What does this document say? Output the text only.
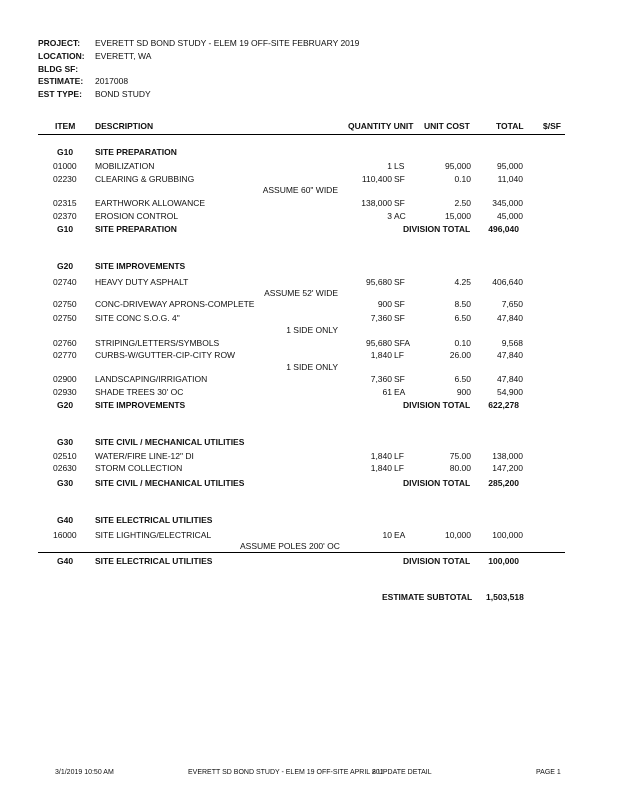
PROJECT: EVERETT SD BOND STUDY - ELEM 19 OFF-SITE FEBRUARY 2019
LOCATION: EVERETT, WA
BLDG SF:
ESTIMATE: 2017008
EST TYPE: BOND STUDY
ITEM DESCRIPTION	QUANTITY UNIT UNIT COST	TOTAL $/SF
G10	SITE PREPARATION
01000 MOBILIZATION	1 LS	95,000	95,000
02230 CLEARING & GRUBBING	110,400 SF	0.10	11,040
ASSUME 60" WIDE
02315 EARTHWORK ALLOWANCE	138,000 SF	2.50	345,000
02370 EROSION CONTROL	3 AC	15,000	45,000
G10	SITE PREPARATION	DIVISION TOTAL	496,040
G20	SITE IMPROVEMENTS
02740 HEAVY DUTY ASPHALT	95,680 SF	4.25	406,640
ASSUME 52' WIDE
02750 CONC-DRIVEWAY APRONS-COMPLETE	900 SF	8.50	7,650
02750 SITE CONC S.O.G. 4"	7,360 SF	6.50	47,840
1 SIDE ONLY
02760 STRIPING/LETTERS/SYMBOLS	95,680 SFA	0.10	9,568
02770 CURBS-W/GUTTER-CIP-CITY ROW	1,840 LF	26.00	47,840
1 SIDE ONLY
02900 LANDSCAPING/IRRIGATION	7,360 SF	6.50	47,840
02930 SHADE TREES 30' OC	61 EA	900	54,900
G20	SITE IMPROVEMENTS	DIVISION TOTAL	622,278
G30	SITE CIVIL / MECHANICAL UTILITIES
02510 WATER/FIRE LINE-12" DI	1,840 LF	75.00	138,000
02630 STORM COLLECTION	1,840 LF	80.00	147,200
G30	SITE CIVIL / MECHANICAL UTILITIES	DIVISION TOTAL	285,200
G40	SITE ELECTRICAL UTILITIES
16000 SITE LIGHTING/ELECTRICAL	10 EA	10,000	100,000
ASSUME POLES 200' OC
G40	SITE ELECTRICAL UTILITIES	DIVISION TOTAL	100,000
ESTIMATE SUBTOTAL 1,503,518
3/1/2019 10:50 AM	EVERETT SD BOND STUDY - ELEM 19 OFF-SITE APRIL 201
8 UPDATE DETAIL	PAGE 1
